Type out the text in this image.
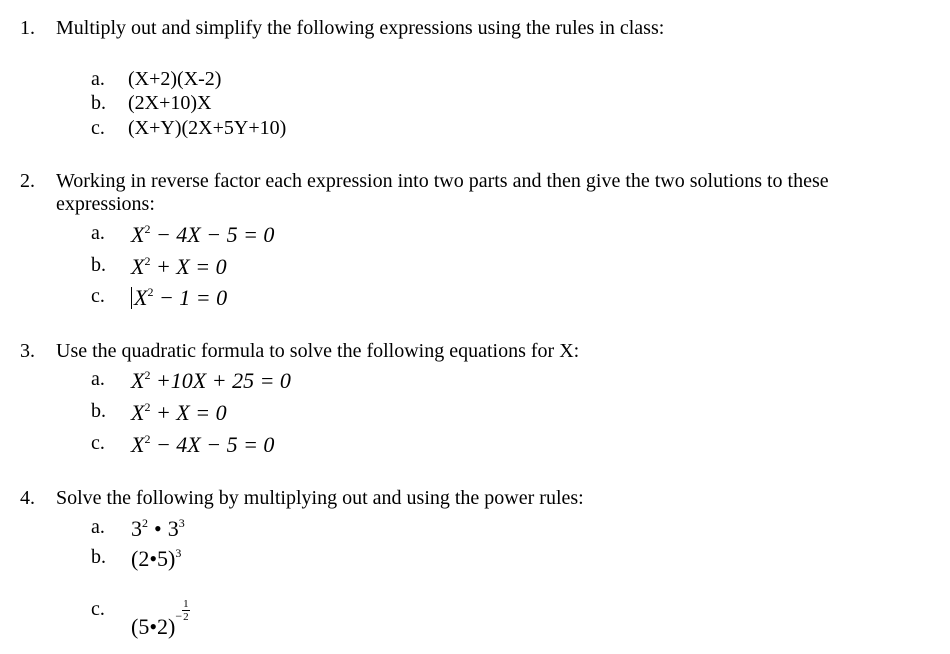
1. Multiply out and simplify the following expressions using the rules in class:
a. (X+2)(X-2)
b. (2X+10)X
c. (X+Y)(2X+5Y+10)
2. Working in reverse factor each expression into two parts and then give the two solutions to these
expressions:
a. $X^2 - 4X - 5 = 0$
b. $X^2 + X = 0$
c. $X^2 - 1 = 0$
3. Use the quadratic formula to solve the following equations for X:
a. $X^2 +10X + 25 = 0$
b. $X^2 + X = 0$
c. $X^2 - 4X - 5 = 0$
4. Solve the following by multiplying out and using the power rules:
a. $3^2$ • $3^3$
b. (2•5)$^3$
c.
(5•2)− $\frac{1}{2}$
